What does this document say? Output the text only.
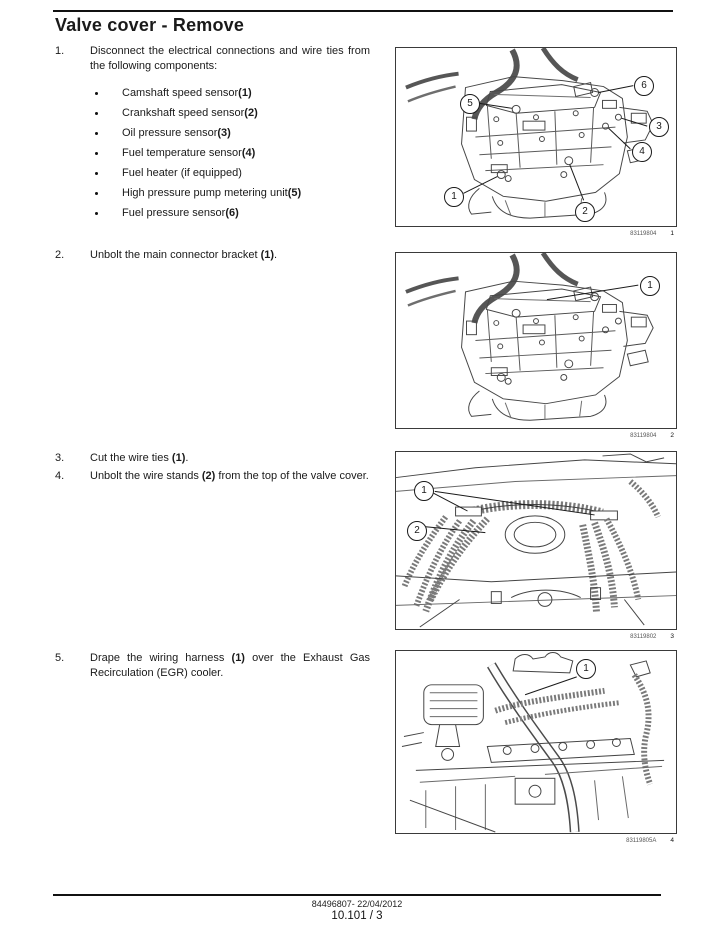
Valve cover - Remove
1.	Disconnect the electrical connections and wire ties from the following components:
Camshaft speed sensor (1)
Crankshaft speed sensor (2)
Oil pressure sensor (3)
Fuel temperature sensor (4)
Fuel heater (if equipped)
High pressure pump metering unit (5)
Fuel pressure sensor (6)
2.	Unbolt the main connector bracket (1).
3.	Cut the wire ties (1).
4.	Unbolt the wire stands (2) from the top of the valve cover.
5.	Drape the wiring harness (1) over the Exhaust Gas Recirculation (EGR) cooler.
6
5
3
4
1
2
83119804 1
1
83119804 2
1
2
83119802 3
1
83119805A 4
84496807- 22/04/2012
10.101 / 3
